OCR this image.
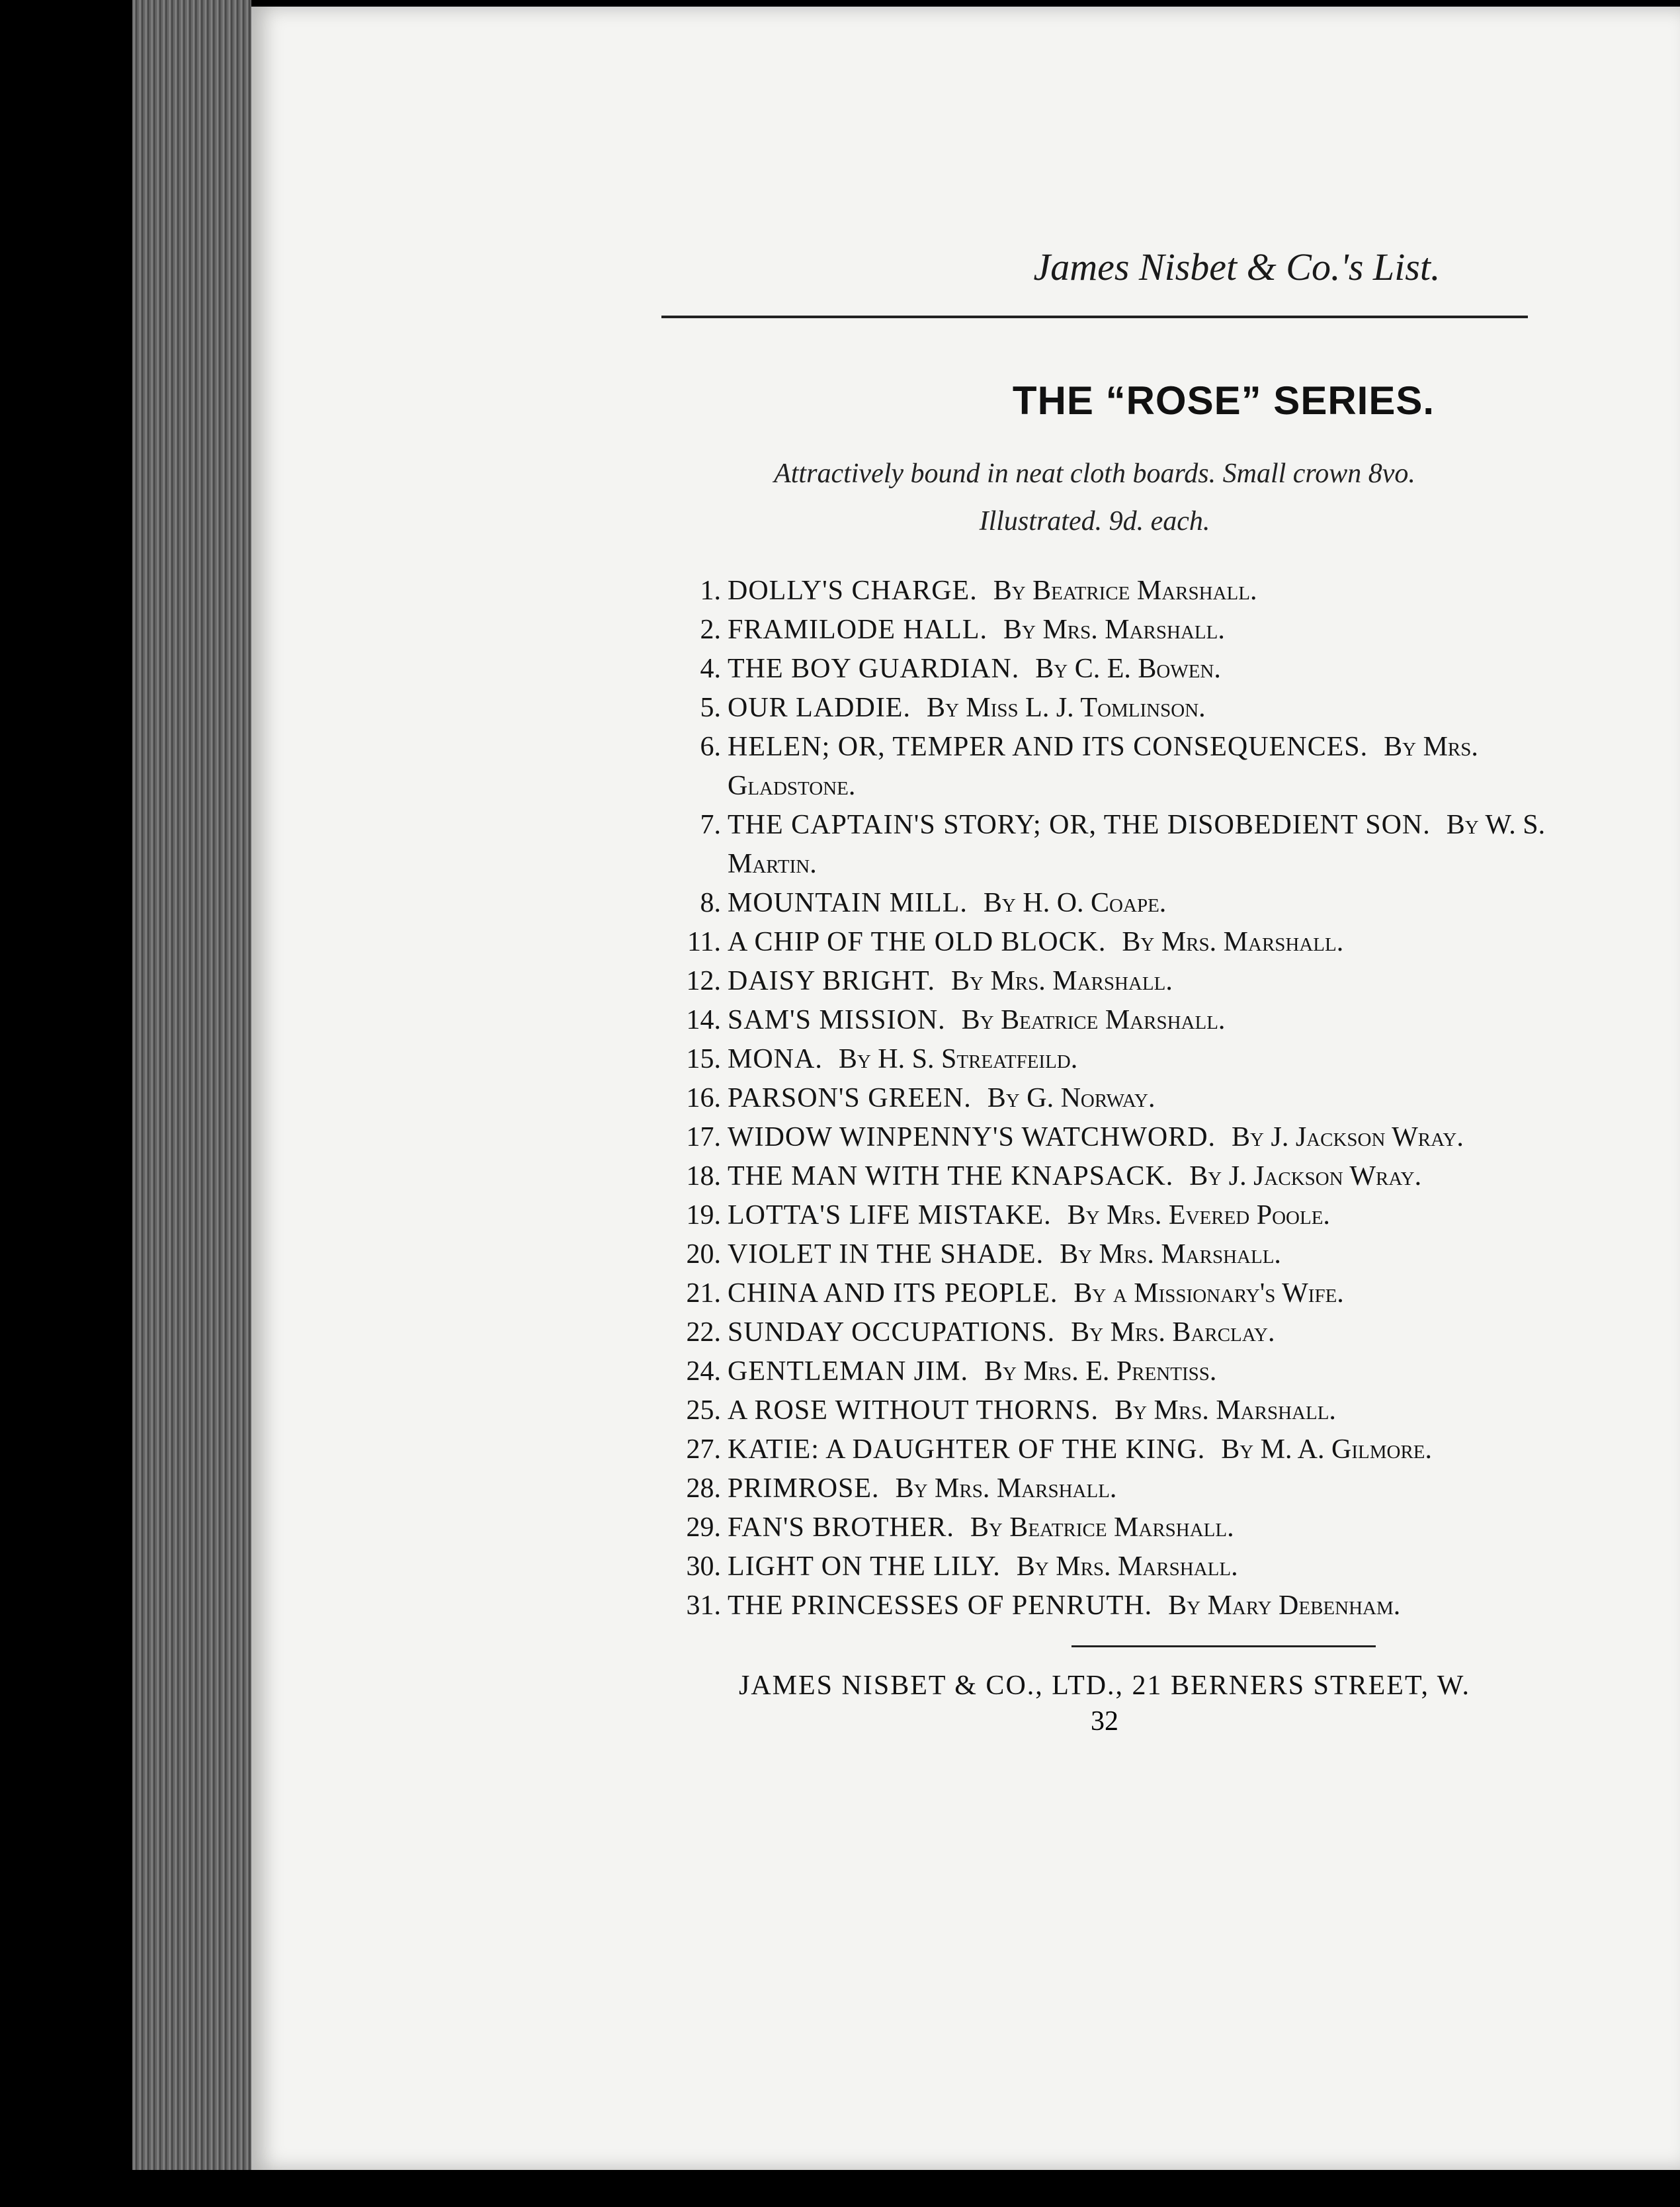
James Nisbet & Co.'s List.
THE “ROSE” SERIES.
Attractively bound in neat cloth boards. Small crown 8vo.
Illustrated. 9d. each.
1. DOLLY'S CHARGE. By Beatrice Marshall.
2. FRAMILODE HALL. By Mrs. Marshall.
4. THE BOY GUARDIAN. By C. E. Bowen.
5. OUR LADDIE. By Miss L. J. Tomlinson.
6. HELEN; OR, TEMPER AND ITS CONSEQUENCES. By Mrs. Gladstone.
7. THE CAPTAIN'S STORY; OR, THE DISOBEDIENT SON. By W. S. Martin.
8. MOUNTAIN MILL. By H. O. Coape.
11. A CHIP OF THE OLD BLOCK. By Mrs. Marshall.
12. DAISY BRIGHT. By Mrs. Marshall.
14. SAM'S MISSION. By Beatrice Marshall.
15. MONA. By H. S. Streatfeild.
16. PARSON'S GREEN. By G. Norway.
17. WIDOW WINPENNY'S WATCHWORD. By J. Jackson Wray.
18. THE MAN WITH THE KNAPSACK. By J. Jackson Wray.
19. LOTTA'S LIFE MISTAKE. By Mrs. Evered Poole.
20. VIOLET IN THE SHADE. By Mrs. Marshall.
21. CHINA AND ITS PEOPLE. By a Missionary's Wife.
22. SUNDAY OCCUPATIONS. By Mrs. Barclay.
24. GENTLEMAN JIM. By Mrs. E. Prentiss.
25. A ROSE WITHOUT THORNS. By Mrs. Marshall.
27. KATIE: A DAUGHTER OF THE KING. By M. A. Gilmore.
28. PRIMROSE. By Mrs. Marshall.
29. FAN'S BROTHER. By Beatrice Marshall.
30. LIGHT ON THE LILY. By Mrs. Marshall.
31. THE PRINCESSES OF PENRUTH. By Mary Debenham.
JAMES NISBET & CO., LTD., 21 BERNERS STREET, W.
32
